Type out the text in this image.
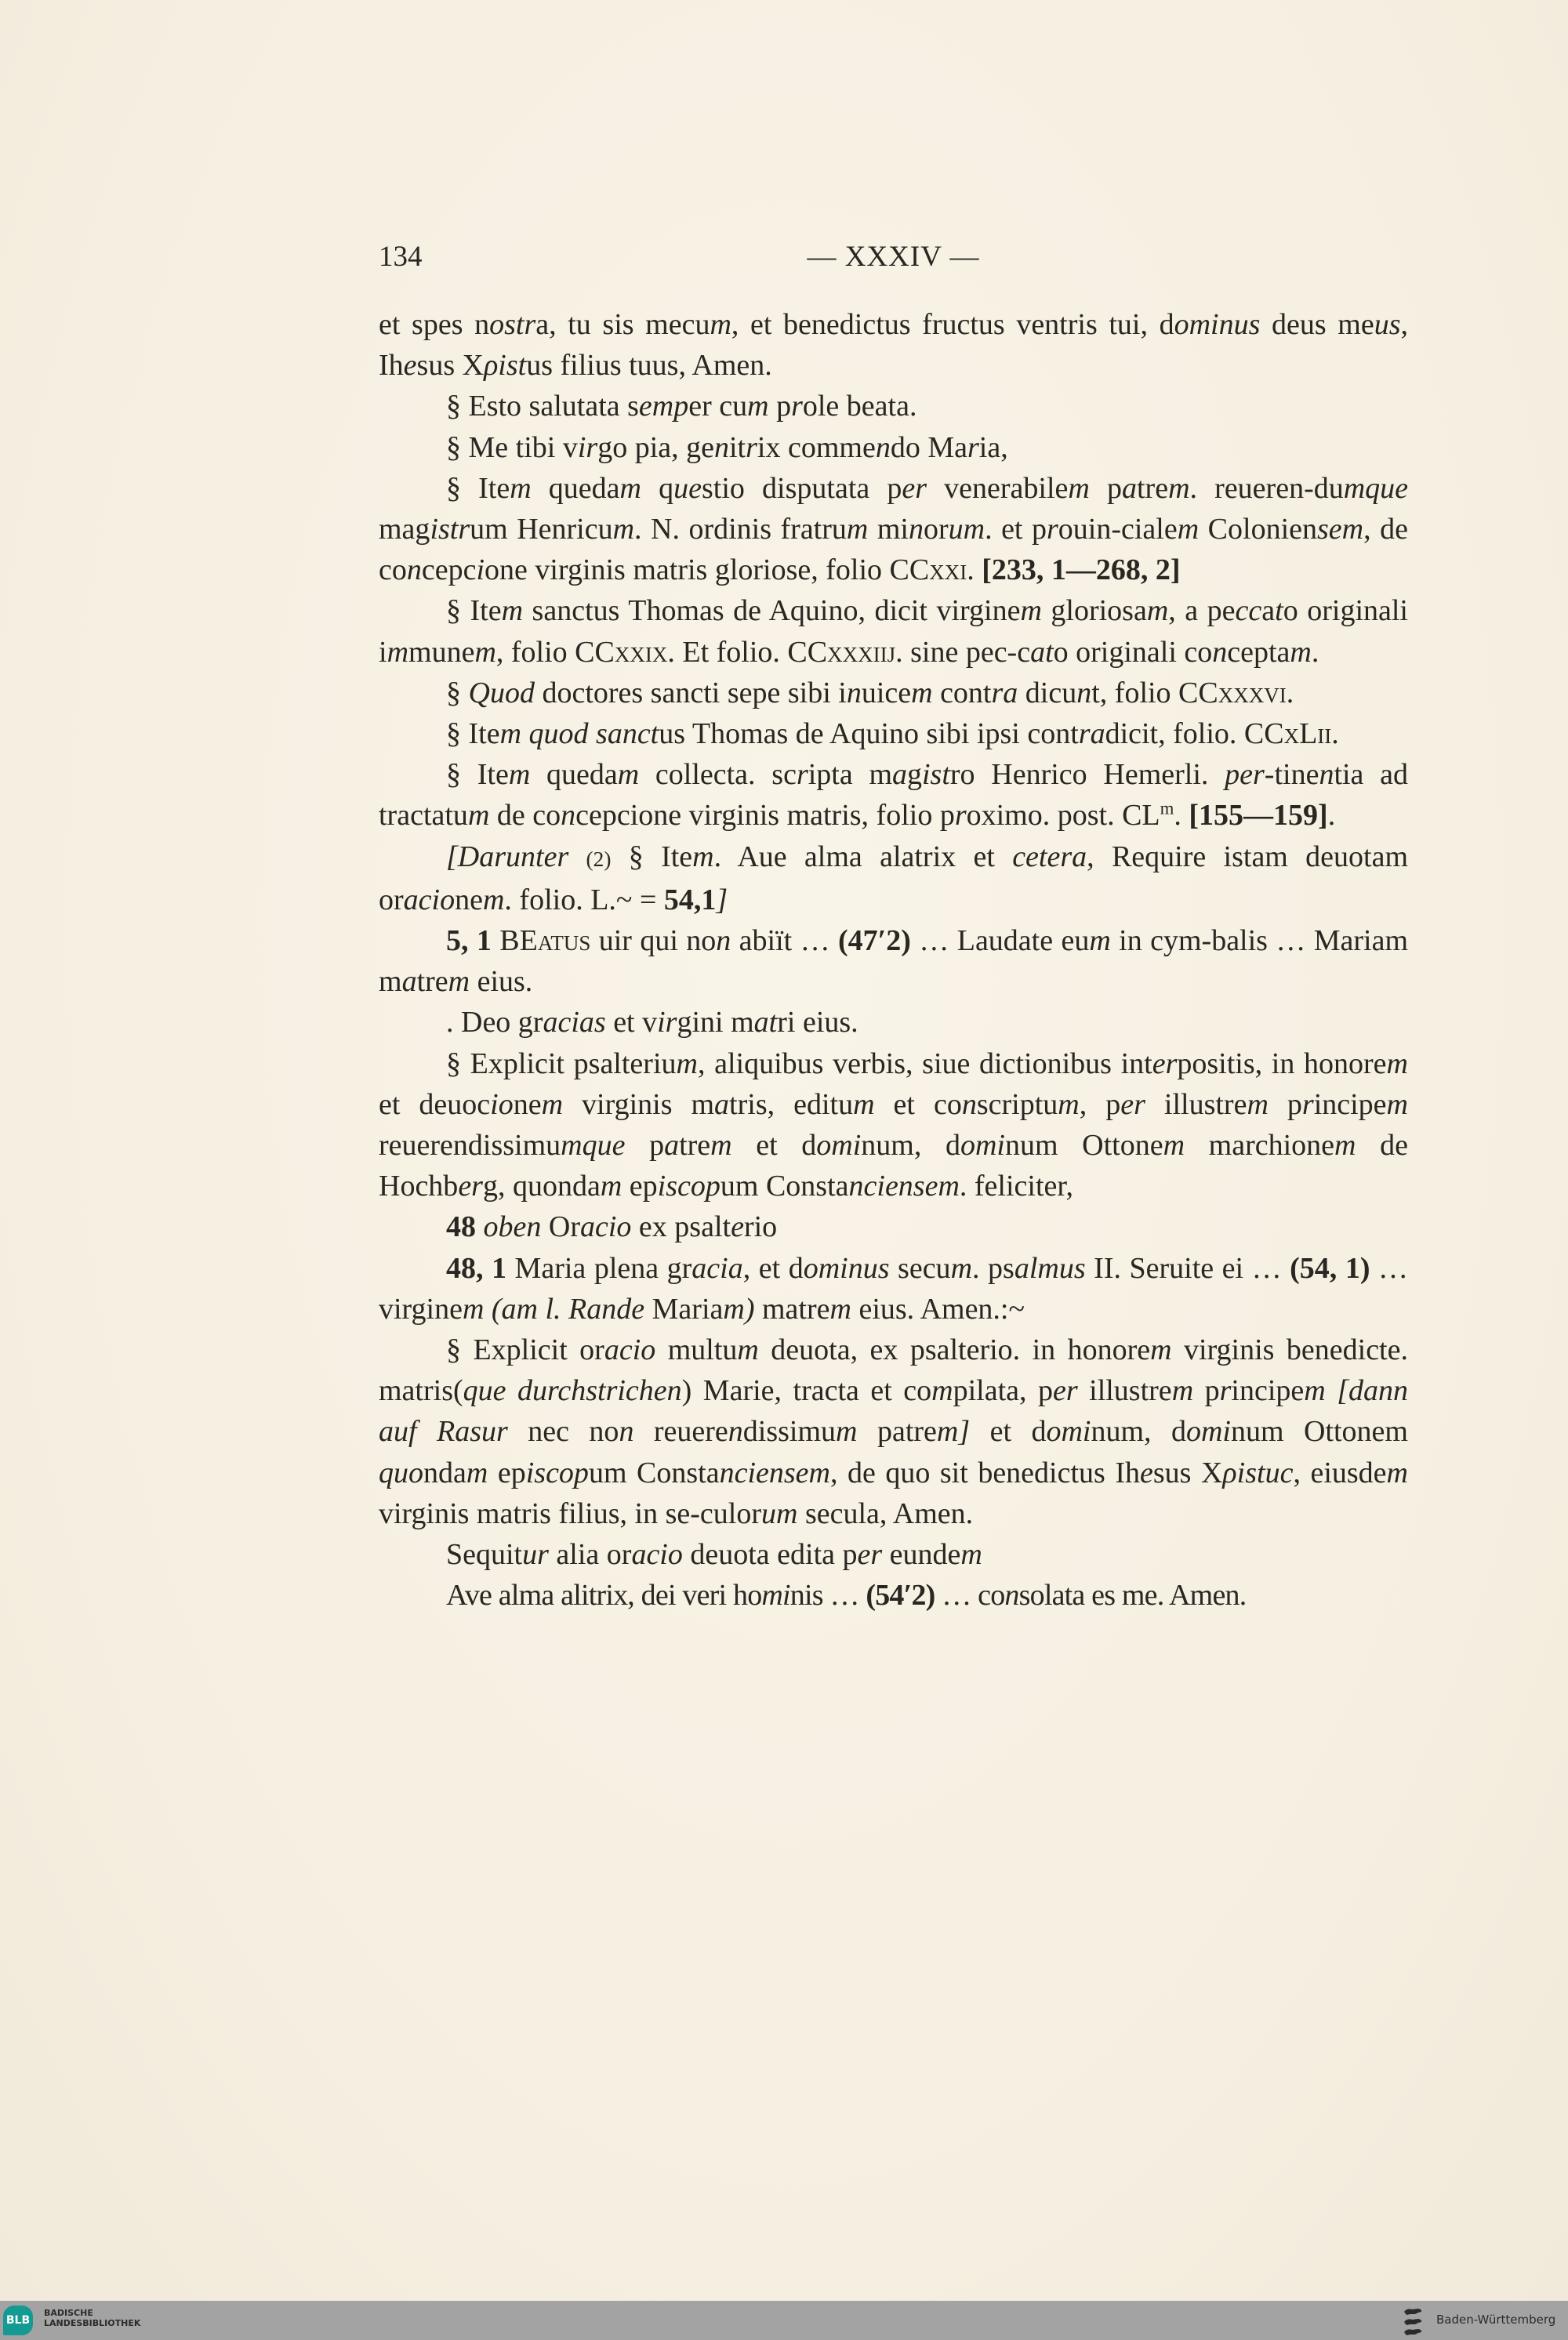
134	— XXXIV —

et spes nostra, tu sis mecum, et benedictus fructus ventris tui, dominus deus meus, Ihesus Xρistus filius tuus, Amen.

§ Esto salutata semper cum prole beata.

§ Me tibi virgo pia, genitrix commendo Maria,

§ Item quedam questio disputata per venerabilem patrem. reueren-dumque magistrum Henricum. N. ordinis fratrum minorum. et prouin-cialem Coloniensem, de concepcione virginis matris gloriose, folio CCxxi. [233, 1—268, 2]

§ Item sanctus Thomas de Aquino, dicit virginem gloriosam, a peccato originali immunem, folio CCxxix. Et folio. CCxxxiij. sine pec-cato originali conceptam.

§ Quod doctores sancti sepe sibi inuicem contra dicunt, folio CCxxxvi.

§ Item quod sanctus Thomas de Aquino sibi ipsi contradicit, folio. CCxLii.

§ Item quedam collecta. scripta magistro Henrico Hemerli. per-tinentia ad tractatum de concepcione virginis matris, folio proximo. post. $CL^m$. [155—159].

[Darunter (2) § Item. Aue alma alatrix et cetera, Require istam deuotam oracionem. folio. L.~ = 54,1]

5, 1 BEatus uir qui non abiït … (47′2) … Laudate eum in cym-balis … Mariam matrem eius.

. Deo gracias et virgini matri eius.

§ Explicit psalterium, aliquibus verbis, siue dictionibus interpositis, in honorem et deuocionem virginis matris, editum et conscriptum, per illustrem principem reuerendissimumque patrem et dominum, dominum Ottonem marchionem de Hochberg, quondam episcopum Constanciensem. feliciter,

48 oben Oracio ex psalterio

48, 1 Maria plena gracia, et dominus secum. psalmus II. Seruite ei … (54, 1) … virginem (am l. Rande Mariam) matrem eius. Amen.:~

§ Explicit oracio multum deuota, ex psalterio. in honorem virginis benedicte. matris(que durchstrichen) Marie, tracta et compilata, per illustrem principem [dann auf Rasur nec non reuerendissimum patrem] et dominum, dominum Ottonem quondam episcopum Constanciensem, de quo sit benedictus Ihesus Xρistuc, eiusdem virginis matris filius, in se-culorum secula, Amen.

Sequitur alia oracio deuota edita per eundem

Ave alma alitrix, dei veri hominis … (54′2) … consolata es me. Amen.

BLB
BADISCHE
LANDESBIBLIOTHEK	Baden-Württemberg
